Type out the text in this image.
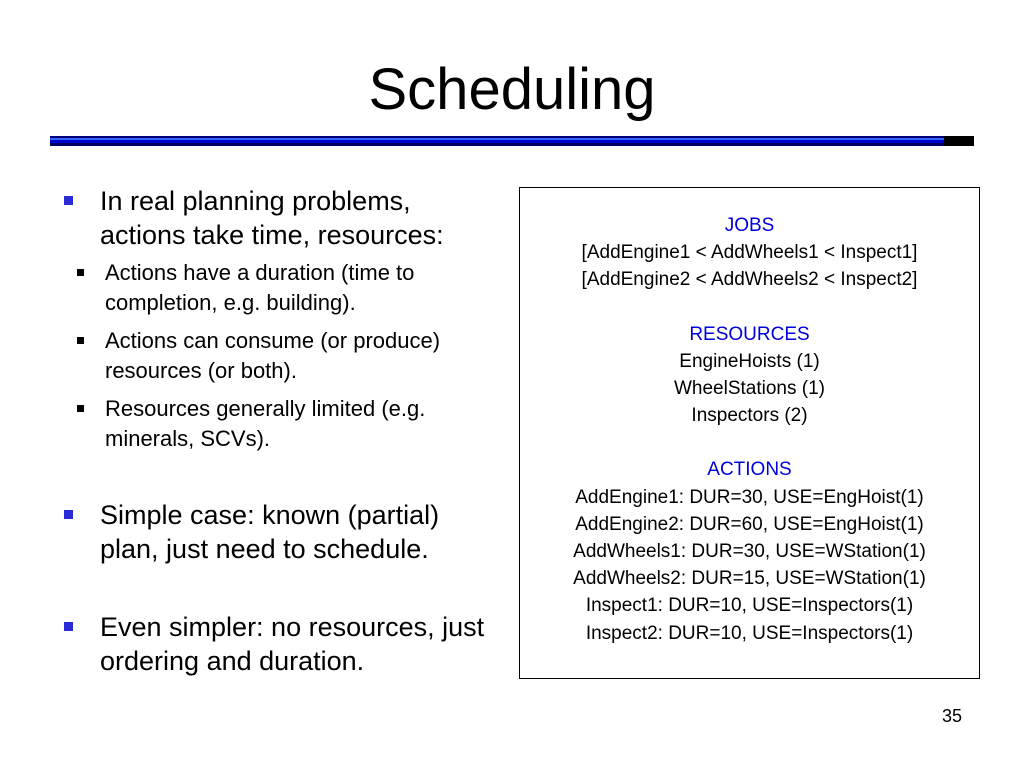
Scheduling
In real planning problems, actions take time, resources:
Actions have a duration (time to completion, e.g. building).
Actions can consume (or produce) resources (or both).
Resources generally limited (e.g. minerals, SCVs).
Simple case: known (partial) plan, just need to schedule.
Even simpler: no resources, just ordering and duration.
JOBS
[AddEngine1 < AddWheels1 < Inspect1]
[AddEngine2 < AddWheels2 < Inspect2]
RESOURCES
EngineHoists (1)
WheelStations (1)
Inspectors (2)
ACTIONS
AddEngine1: DUR=30, USE=EngHoist(1)
AddEngine2: DUR=60, USE=EngHoist(1)
AddWheels1: DUR=30, USE=WStation(1)
AddWheels2: DUR=15, USE=WStation(1)
Inspect1: DUR=10, USE=Inspectors(1)
Inspect2: DUR=10, USE=Inspectors(1)
35
